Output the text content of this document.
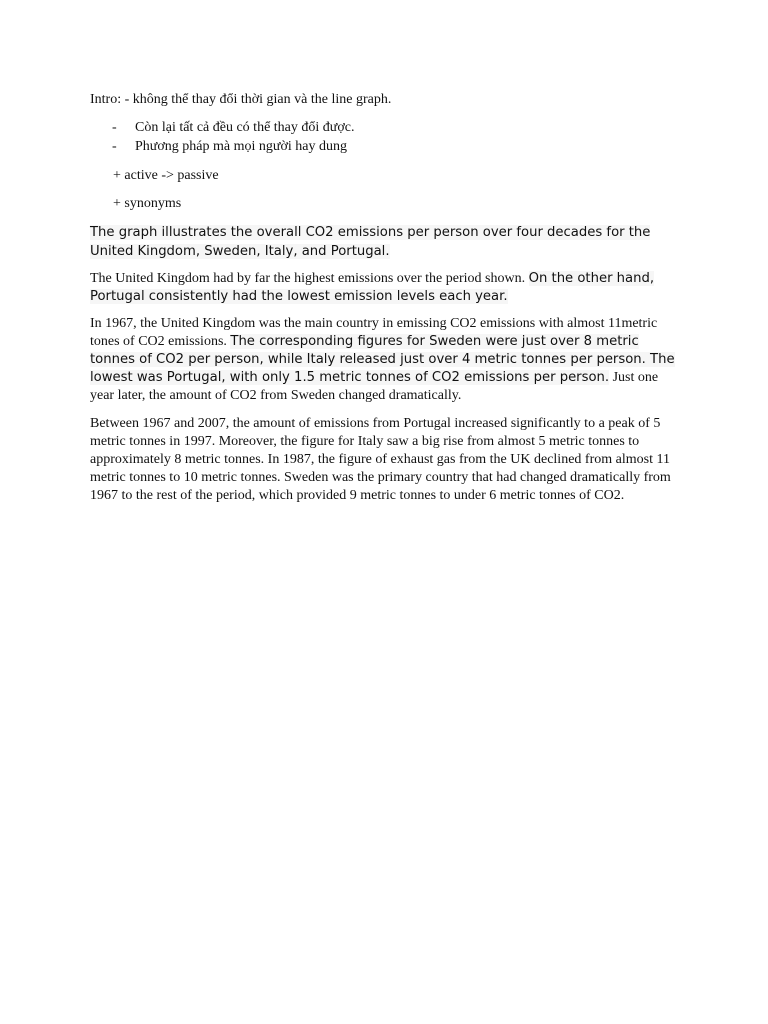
Intro: - không thể thay đổi thời gian và the line graph.

- Còn lại tất cả đều có thể thay đổi được.
- Phương pháp mà mọi người hay dung

+ active -> passive

+ synonyms

The graph illustrates the overall CO2 emissions per person over four decades for the United Kingdom, Sweden, Italy, and Portugal.

The United Kingdom had by far the highest emissions over the period shown. On the other hand, Portugal consistently had the lowest emission levels each year.

In 1967, the United Kingdom was the main country in emissing CO2 emissions with almost 11metric tones of CO2 emissions. The corresponding figures for Sweden were just over 8 metric tonnes of CO2 per person, while Italy released just over 4 metric tonnes per person. The lowest was Portugal, with only 1.5 metric tonnes of CO2 emissions per person. Just one year later, the amount of CO2 from Sweden changed dramatically.

Between 1967 and 2007, the amount of emissions from Portugal increased significantly to a peak of 5 metric tonnes in 1997. Moreover, the figure for Italy saw a big rise from almost 5 metric tonnes to approximately 8 metric tonnes. In 1987, the figure of exhaust gas from the UK declined from almost 11 metric tonnes to 10 metric tonnes. Sweden was the primary country that had changed dramatically from 1967 to the rest of the period, which provided 9 metric tonnes to under 6 metric tonnes of CO2.
